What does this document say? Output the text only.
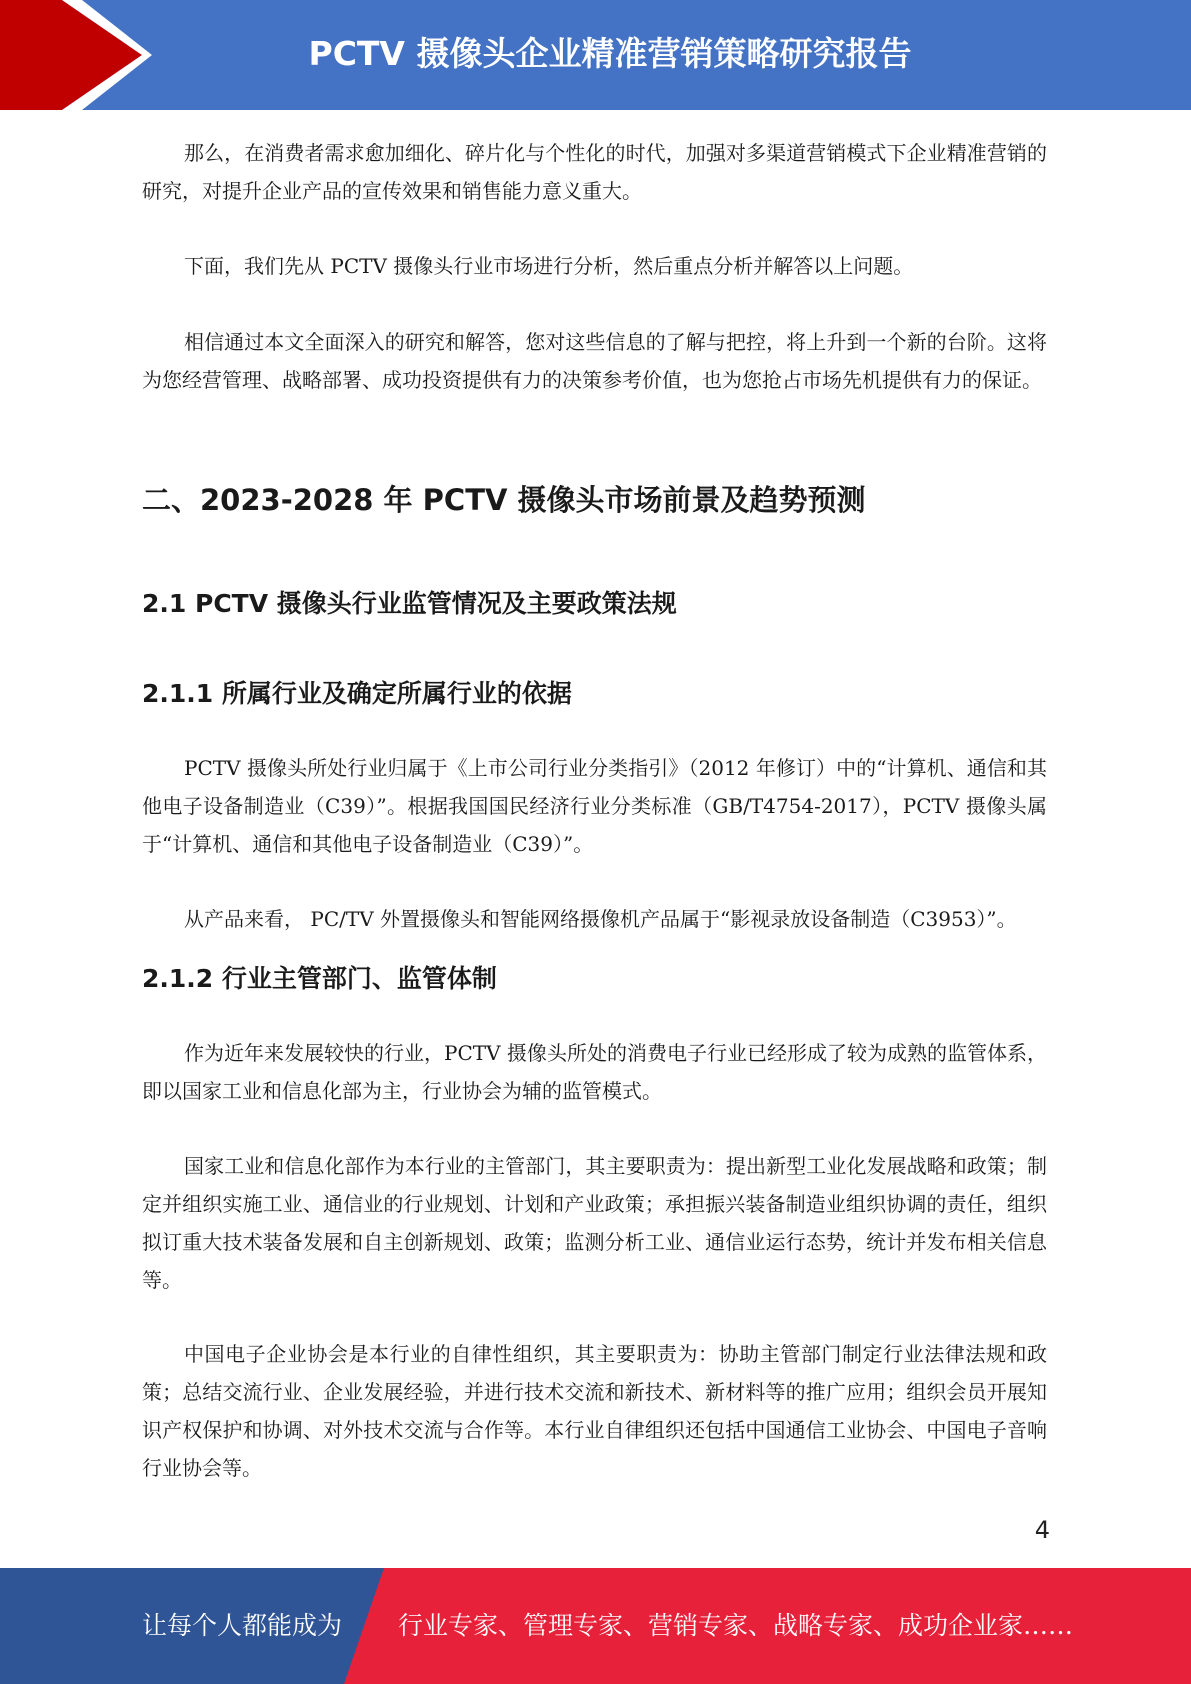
PCTV 摄像头企业精准营销策略研究报告

那么，在消费者需求愈加细化、碎片化与个性化的时代，加强对多渠道营销模式下企业精准营销的研究，对提升企业产品的宣传效果和销售能力意义重大。

下面，我们先从 PCTV 摄像头行业市场进行分析，然后重点分析并解答以上问题。

相信通过本文全面深入的研究和解答，您对这些信息的了解与把控，将上升到一个新的台阶。这将为您经营管理、战略部署、成功投资提供有力的决策参考价值，也为您抢占市场先机提供有力的保证。

二、2023-2028 年 PCTV 摄像头市场前景及趋势预测
2.1 PCTV 摄像头行业监管情况及主要政策法规
2.1.1 所属行业及确定所属行业的依据

PCTV 摄像头所处行业归属于《上市公司行业分类指引》（2012 年修订）中的“计算机、通信和其他电子设备制造业（C39）”。根据我国国民经济行业分类标准（GB/T4754-2017），PCTV 摄像头属于“计算机、通信和其他电子设备制造业（C39）”。

从产品来看， PC/TV 外置摄像头和智能网络摄像机产品属于“影视录放设备制造（C3953）”。

2.1.2 行业主管部门、监管体制

作为近年来发展较快的行业，PCTV 摄像头所处的消费电子行业已经形成了较为成熟的监管体系，即以国家工业和信息化部为主，行业协会为辅的监管模式。

国家工业和信息化部作为本行业的主管部门，其主要职责为：提出新型工业化发展战略和政策；制定并组织实施工业、通信业的行业规划、计划和产业政策；承担振兴装备制造业组织协调的责任，组织拟订重大技术装备发展和自主创新规划、政策；监测分析工业、通信业运行态势，统计并发布相关信息等。

中国电子企业协会是本行业的自律性组织，其主要职责为：协助主管部门制定行业法律法规和政策；总结交流行业、企业发展经验，并进行技术交流和新技术、新材料等的推广应用；组织会员开展知识产权保护和协调、对外技术交流与合作等。本行业自律组织还包括中国通信工业协会、中国电子音响行业协会等。

4
让每个人都能成为 行业专家、管理专家、营销专家、战略专家、成功企业家……
